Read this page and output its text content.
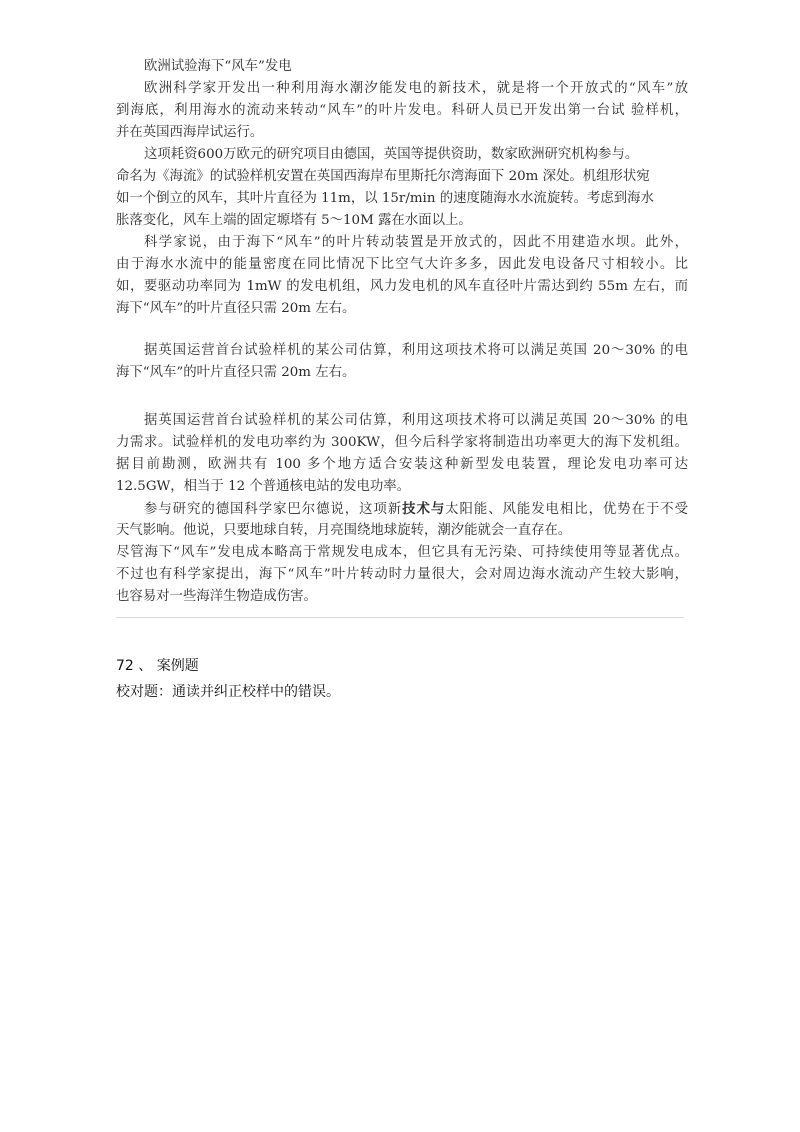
欧洲试验海下“风车”发电
欧洲科学家开发出一种利用海水潮汐能发电的新技术，就是将一个开放式的“风车”放
到海底，利用海水的流动来转动“风车”的叶片发电。科研人员已开发出第一台试 验样机，
并在英国西海岸试运行。
这项耗资600万欧元的研究项目由德国，英国等提供资助，数家欧洲研究机构参与。
命名为《海流》的试验样机安置在英国西海岸布里斯托尔湾海面下 20m 深处。机组形状宛
如一个倒立的风车，其叶片直径为 11m，以 15r/min 的速度随海水水流旋转。考虑到海水
胀落变化，风车上端的固定塬塔有 5～10M 露在水面以上。
科学家说，由于海下“风车”的叶片转动装置是开放式的，因此不用建造水坝。此外，
由于海水水流中的能量密度在同比情况下比空气大许多多，因此发电设备尺寸相较小。比
如，要驱动功率同为 1mW 的发电机组，风力发电机的风车直径叶片需达到约 55m 左右，而
海下“风车”的叶片直径只需 20m 左右。
据英国运营首台试验样机的某公司估算，利用这项技术将可以满足英国 20～30% 的电
海下“风车”的叶片直径只需 20m 左右。
据英国运营首台试验样机的某公司估算，利用这项技术将可以满足英国 20～30% 的电
力需求。试验样机的发电功率约为 300KW，但今后科学家将制造出功率更大的海下发机组。
据目前勘测，欧洲共有 100 多个地方适合安装这种新型发电装置，理论发电功率可达
12.5GW，相当于 12 个普通核电站的发电功率。
参与研究的德国科学家巴尔德说，这项新技术与太阳能、风能发电相比，优势在于不受
天气影响。他说，只要地球自转，月亮围绕地球旋转，潮汐能就会一直存在。
尽管海下“风车”发电成本略高于常规发电成本，但它具有无污染、可持续使用等显著优点。
不过也有科学家提出，海下“风车”叶片转动时力量很大，会对周边海水流动产生较大影响，
也容易对一些海洋生物造成伤害。
72 、 案例题
校对题：通读并纠正校样中的错误。
